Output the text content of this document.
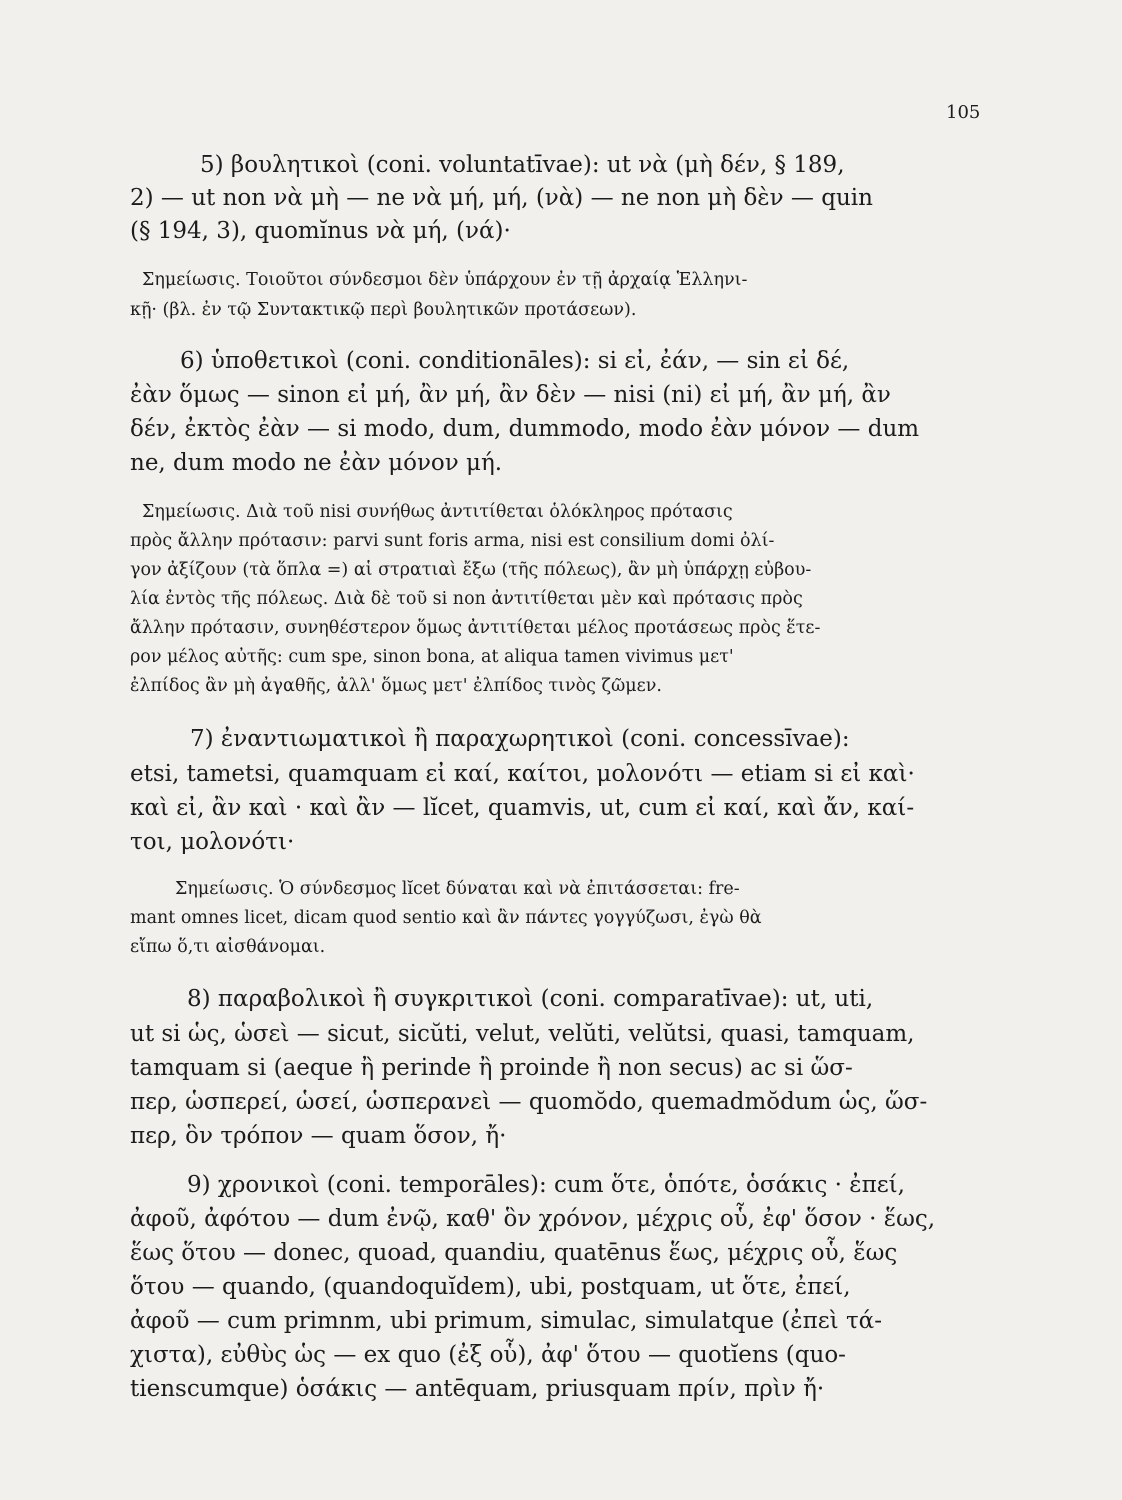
105
5) βουλητικοὶ (coni. voluntatīvae): ut νὰ (μὴ δέν, § 189,
2) — ut non νὰ μὴ — ne νὰ μή, μή, (νὰ) — ne non μὴ δὲν — quin
(§ 194, 3), quomĭnus νὰ μή, (νά)·
Σημείωσις. Τοιοῦτοι σύνδεσμοι δὲν ὑπάρχουν ἐν τῇ ἀρχαίᾳ Ἑλληνι-
κῇ· (βλ. ἐν τῷ Συντακτικῷ περὶ βουλητικῶν προτάσεων).
6) ὑποθετικοὶ (coni. conditionāles): si εἰ, ἐάν, — sin εἰ δέ,
ἐὰν ὅμως — sinon εἰ μή, ἂν μή, ἂν δὲν — nisi (ni) εἰ μή, ἂν μή, ἂν
δέν, ἐκτὸς ἐὰν — si modo, dum, dummodo, modo ἐὰν μόνον — dum
ne, dum modo ne ἐὰν μόνον μή.
Σημείωσις. Διὰ τοῦ nisi συνήθως ἀντιτίθεται ὁλόκληρος πρότασις
πρὸς ἄλλην πρότασιν: parvi sunt foris arma, nisi est consilium domi ὀλί-
γον ἀξίζουν (τὰ ὅπλα =) αἱ στρατιαὶ ἔξω (τῆς πόλεως), ἂν μὴ ὑπάρχῃ εὐβου-
λία ἐντὸς τῆς πόλεως. Διὰ δὲ τοῦ si non ἀντιτίθεται μὲν καὶ πρότασις πρὸς
ἄλλην πρότασιν, συνηθέστερον ὅμως ἀντιτίθεται μέλος προτάσεως πρὸς ἕτε-
ρον μέλος αὐτῆς: cum spe, sinon bona, at aliqua tamen vivimus μετ'
ἐλπίδος ἂν μὴ ἀγαθῆς, ἀλλ' ὅμως μετ' ἐλπίδος τινὸς ζῶμεν.
7) ἐναντιωματικοὶ ἢ παραχωρητικοὶ (coni. concessīvae):
etsi, tametsi, quamquam εἰ καί, καίτοι, μολονότι — etiam si εἰ καὶ·
καὶ εἰ, ἂν καὶ · καὶ ἂν — lĭcet, quamvis, ut, cum εἰ καί, καὶ ἄν, καί-
τοι, μολονότι·
Σημείωσις. Ὁ σύνδεσμος lĭcet δύναται καὶ νὰ ἐπιτάσσεται: fre-
mant omnes licet, dicam quod sentio καὶ ἂν πάντες γογγύζωσι, ἐγὼ θὰ
εἴπω ὅ,τι αἰσθάνομαι.
8) παραβολικοὶ ἢ συγκριτικοὶ (coni. comparatīvae): ut, uti,
ut si ὡς, ὡσεὶ — sicut, sicŭti, velut, velŭti, velŭtsi, quasi, tamquam,
tamquam si (aeque ἢ perinde ἢ proinde ἢ non secus) ac si ὥσ-
περ, ὡσπερεί, ὡσεί, ὡσπερανεὶ — quomŏdo, quemadmŏdum ὡς, ὥσ-
περ, ὃν τρόπον — quam ὅσον, ἤ·
9) χρονικοὶ (coni. temporāles): cum ὅτε, ὁπότε, ὁσάκις · ἐπεί,
ἀφοῦ, ἀφότου — dum ἐνῷ, καθ' ὃν χρόνον, μέχρις οὗ, ἐφ' ὅσον · ἕως,
ἕως ὅτου — donec, quoad, quandiu, quatēnus ἕως, μέχρις οὗ, ἕως
ὅτου — quando, (quandoquĭdem), ubi, postquam, ut ὅτε, ἐπεί,
ἀφοῦ — cum primnm, ubi primum, simulac, simulatque (ἐπεὶ τά-
χιστα), εὐθὺς ὡς — ex quo (ἐξ οὗ), ἀφ' ὅτου — quotĭens (quo-
tienscumque) ὁσάκις — antēquam, priusquam πρίν, πρὶν ἤ·
